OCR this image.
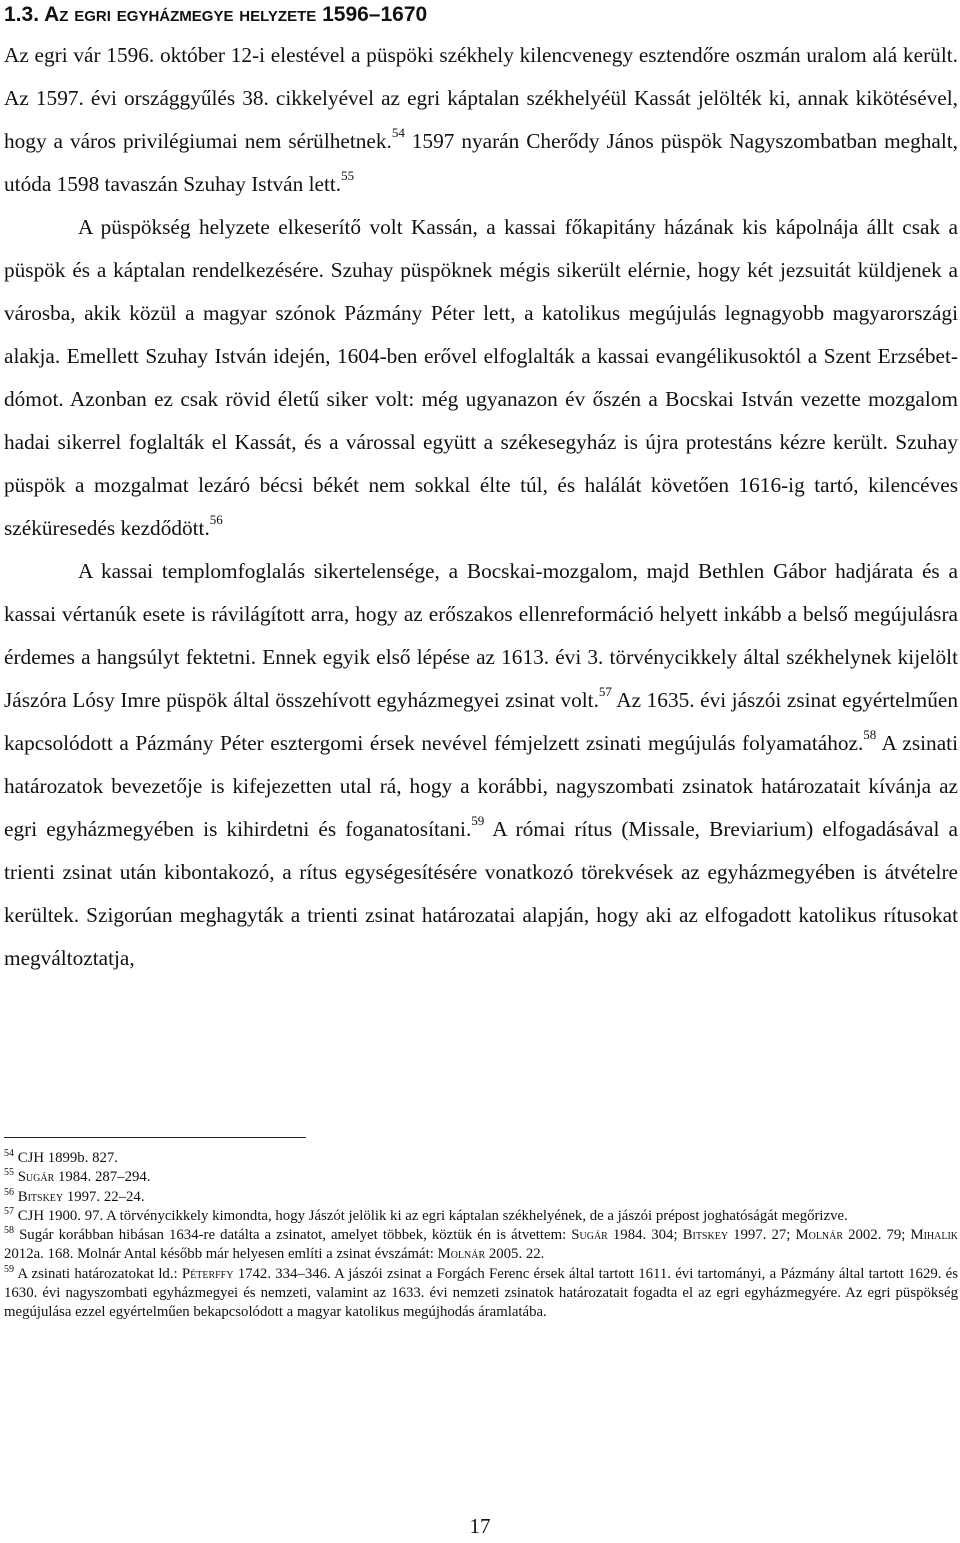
1.3. Az egri egyházmegye helyzete 1596–1670

Az egri vár 1596. október 12-i elestével a püspöki székhely kilencvenegy esztendőre oszmán uralom alá került. Az 1597. évi országgyűlés 38. cikkelyével az egri káptalan székhelyéül Kassát jelölték ki, annak kikötésével, hogy a város privilégiumai nem sérülhetnek.$^{54}$ 1597 nyarán Cherődy János püspök Nagyszombatban meghalt, utóda 1598 tavaszán Szuhay István lett.$^{55}$

A püspökség helyzete elkeserítő volt Kassán, a kassai főkapitány házának kis kápolnája állt csak a püspök és a káptalan rendelkezésére. Szuhay püspöknek mégis sikerült elérnie, hogy két jezsuitát küldjenek a városba, akik közül a magyar szónok Pázmány Péter lett, a katolikus megújulás legnagyobb magyarországi alakja. Emellett Szuhay István idején, 1604-ben erővel elfoglalták a kassai evangélikusoktól a Szent Erzsébet-dómot. Azonban ez csak rövid életű siker volt: még ugyanazon év őszén a Bocskai István vezette mozgalom hadai sikerrel foglalták el Kassát, és a várossal együtt a székesegyház is újra protestáns kézre került. Szuhay püspök a mozgalmat lezáró bécsi békét nem sokkal élte túl, és halálát követően 1616-ig tartó, kilencéves széküresedés kezdődött.$^{56}$

A kassai templomfoglalás sikertelensége, a Bocskai-mozgalom, majd Bethlen Gábor hadjárata és a kassai vértanúk esete is rávilágított arra, hogy az erőszakos ellenreformáció helyett inkább a belső megújulásra érdemes a hangsúlyt fektetni. Ennek egyik első lépése az 1613. évi 3. törvénycikkely által székhelynek kijelölt Jászóra Lósy Imre püspök által összehívott egyházmegyei zsinat volt.$^{57}$ Az 1635. évi jászói zsinat egyértelműen kapcsolódott a Pázmány Péter esztergomi érsek nevével fémjelzett zsinati megújulás folyamatához.$^{58}$ A zsinati határozatok bevezetője is kifejezetten utal rá, hogy a korábbi, nagyszombati zsinatok határozatait kívánja az egri egyházmegyében is kihirdetni és foganatosítani.$^{59}$ A római rítus (Missale, Breviarium) elfogadásával a trienti zsinat után kibontakozó, a rítus egységesítésére vonatkozó törekvések az egyházmegyében is átvételre kerültek. Szigorúan meghagyták a trienti zsinat határozatai alapján, hogy aki az elfogadott katolikus rítusokat megváltoztatja,

$^{54}$ CJH 1899b. 827.

$^{55}$ Sugár 1984. 287–294.

$^{56}$ Bitskey 1997. 22–24.

$^{57}$ CJH 1900. 97. A törvénycikkely kimondta, hogy Jászót jelölik ki az egri káptalan székhelyének, de a jászói prépost joghatóságát megőrizve.

$^{58}$ Sugár korábban hibásan 1634-re datálta a zsinatot, amelyet többek, köztük én is átvettem: Sugár 1984. 304; Bitskey 1997. 27; Molnár 2002. 79; Mihalik 2012a. 168. Molnár Antal később már helyesen említi a zsinat évszámát: Molnár 2005. 22.

$^{59}$ A zsinati határozatokat ld.: Péterffy 1742. 334–346. A jászói zsinat a Forgách Ferenc érsek által tartott 1611. évi tartományi, a Pázmány által tartott 1629. és 1630. évi nagyszombati egyházmegyei és nemzeti, valamint az 1633. évi nemzeti zsinatok határozatait fogadta el az egri egyházmegyére. Az egri püspökség megújulása ezzel egyértelműen bekapcsolódott a magyar katolikus megújhodás áramlatába.

17
